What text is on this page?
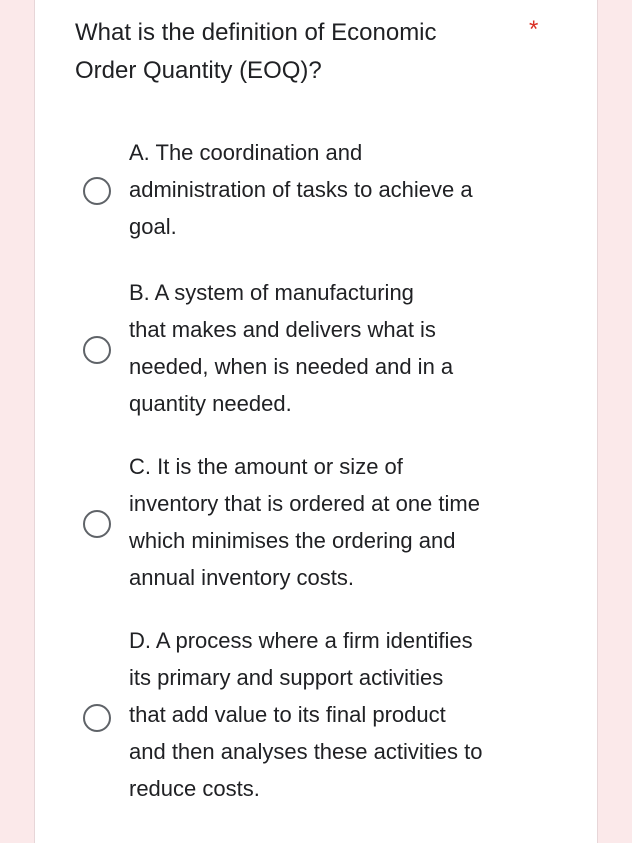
What is the definition of Economic Order Quantity (EOQ)?
*
A. The coordination and
administration of tasks to achieve a
goal.
B. A system of manufacturing
that makes and delivers what is
needed, when is needed and in a
quantity needed.
C. It is the amount or size of
inventory that is ordered at one time
which minimises the ordering and
annual inventory costs.
D. A process where a firm identifies
its primary and support activities
that add value to its final product
and then analyses these activities to
reduce costs.
